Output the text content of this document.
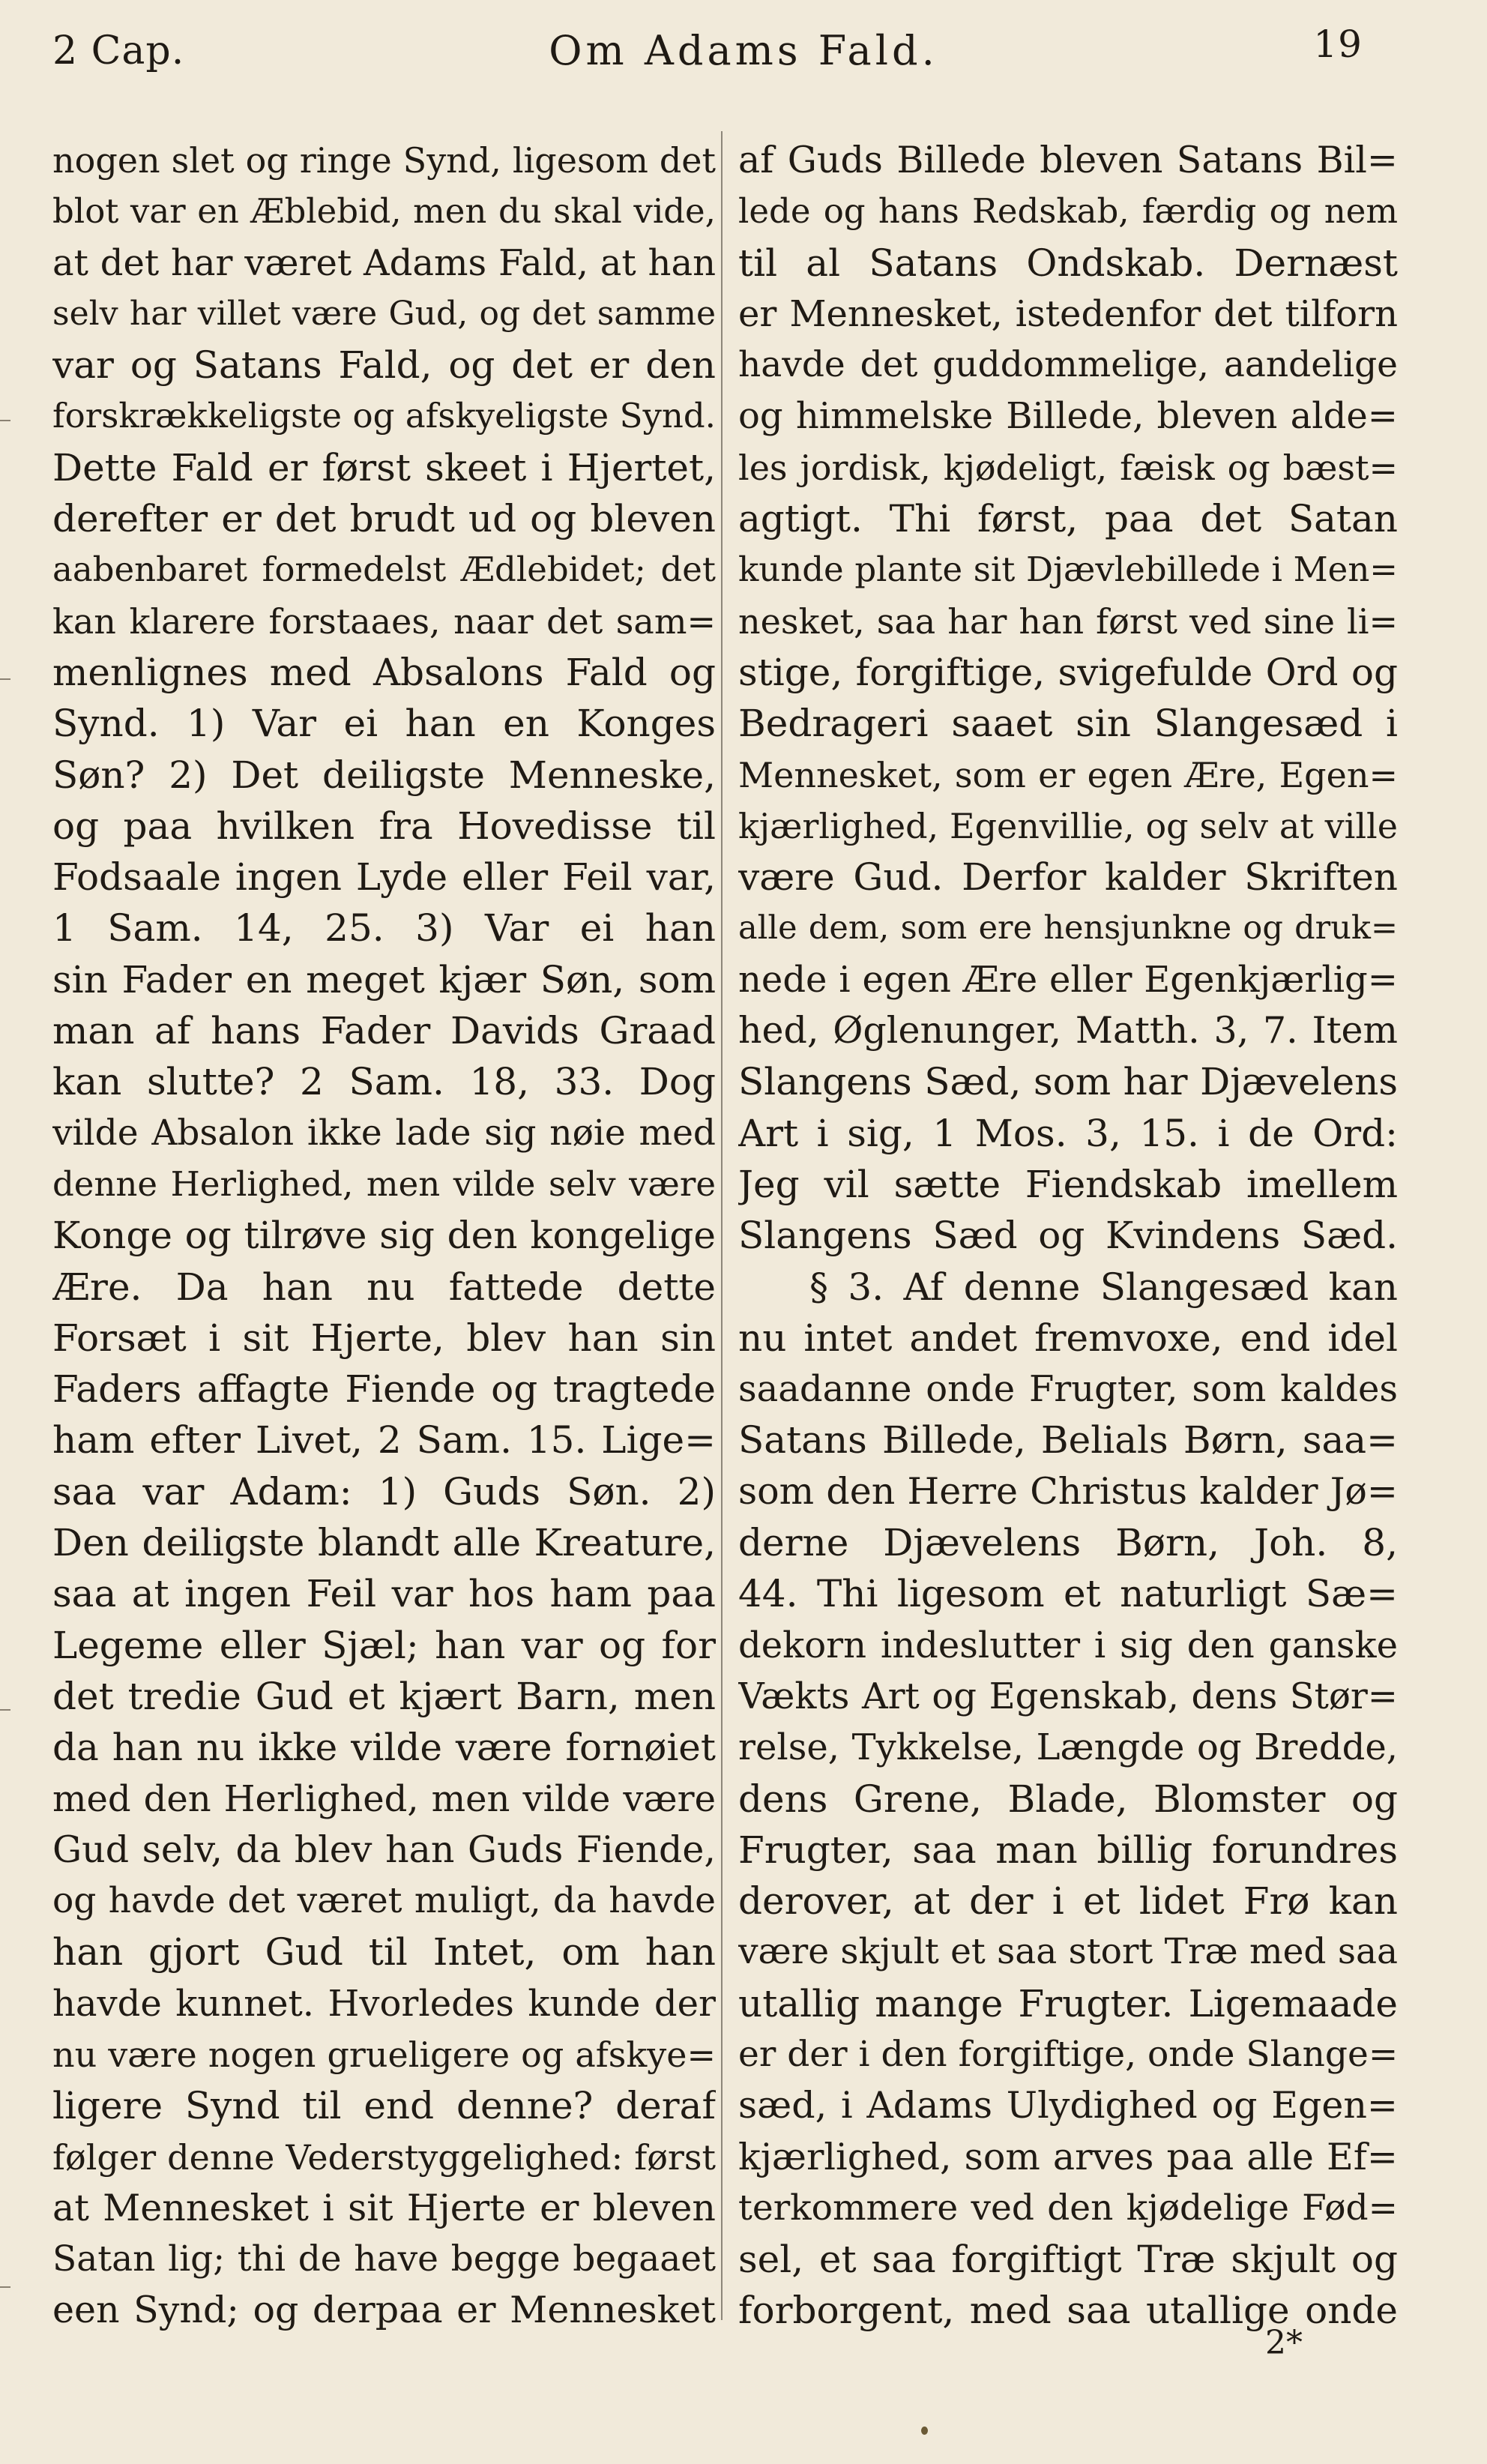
Om Adams Fald.
2 Cap.	19
nogen slet og ringe Synd, ligesom det
blot var en Æblebid, men du skal vide,
at det har været Adams Fald, at han
selv har villet være Gud, og det samme
var og Satans Fald, og det er den
forskrækkeligste og afskyeligste Synd.
Dette Fald er først skeet i Hjertet,
derefter er det brudt ud og bleven
aabenbaret formedelst Ædlebidet; det
kan klarere forstaaes, naar det sam=
menlignes med Absalons Fald og
Synd. 1) Var ei han en Konges
Søn? 2) Det deiligste Menneske,
og paa hvilken fra Hovedisse til
Fodsaale ingen Lyde eller Feil var,
1 Sam. 14, 25. 3) Var ei han
sin Fader en meget kjær Søn, som
man af hans Fader Davids Graad
kan slutte? 2 Sam. 18, 33. Dog
vilde Absalon ikke lade sig nøie med
denne Herlighed, men vilde selv være
Konge og tilrøve sig den kongelige
Ære. Da han nu fattede dette
Forsæt i sit Hjerte, blev han sin
Faders affagte Fiende og tragtede
ham efter Livet, 2 Sam. 15. Lige=
saa var Adam: 1) Guds Søn. 2)
Den deiligste blandt alle Kreature,
saa at ingen Feil var hos ham paa
Legeme eller Sjæl; han var og for
det tredie Gud et kjært Barn, men
da han nu ikke vilde være fornøiet
med den Herlighed, men vilde være
Gud selv, da blev han Guds Fiende,
og havde det været muligt, da havde
han gjort Gud til Intet, om han
havde kunnet. Hvorledes kunde der
nu være nogen grueligere og afskye=
ligere Synd til end denne? deraf
følger denne Vederstyggelighed: først
at Mennesket i sit Hjerte er bleven
Satan lig; thi de have begge begaaet
een Synd; og derpaa er Mennesket
af Guds Billede bleven Satans Bil=
lede og hans Redskab, færdig og nem
til al Satans Ondskab. Dernæst
er Mennesket, istedenfor det tilforn
havde det guddommelige, aandelige
og himmelske Billede, bleven alde=
les jordisk, kjødeligt, fæisk og bæst=
agtigt. Thi først, paa det Satan
kunde plante sit Djævlebillede i Men=
nesket, saa har han først ved sine li=
stige, forgiftige, svigefulde Ord og
Bedrageri saaet sin Slangesæd i
Mennesket, som er egen Ære, Egen=
kjærlighed, Egenvillie, og selv at ville
være Gud. Derfor kalder Skriften
alle dem, som ere hensjunkne og druk=
nede i egen Ære eller Egenkjærlig=
hed, Øglenunger, Matth. 3, 7. Item
Slangens Sæd, som har Djævelens
Art i sig, 1 Mos. 3, 15. i de Ord:
Jeg vil sætte Fiendskab imellem
Slangens Sæd og Kvindens Sæd.
§ 3. Af denne Slangesæd kan
nu intet andet fremvoxe, end idel
saadanne onde Frugter, som kaldes
Satans Billede, Belials Børn, saa=
som den Herre Christus kalder Jø=
derne Djævelens Børn, Joh. 8,
44. Thi ligesom et naturligt Sæ=
dekorn indeslutter i sig den ganske
Vækts Art og Egenskab, dens Stør=
relse, Tykkelse, Længde og Bredde,
dens Grene, Blade, Blomster og
Frugter, saa man billig forundres
derover, at der i et lidet Frø kan
være skjult et saa stort Træ med saa
utallig mange Frugter. Ligemaade
er der i den forgiftige, onde Slange=
sæd, i Adams Ulydighed og Egen=
kjærlighed, som arves paa alle Ef=
terkommere ved den kjødelige Fød=
sel, et saa forgiftigt Træ skjult og
forborgent, med saa utallige onde
2*
